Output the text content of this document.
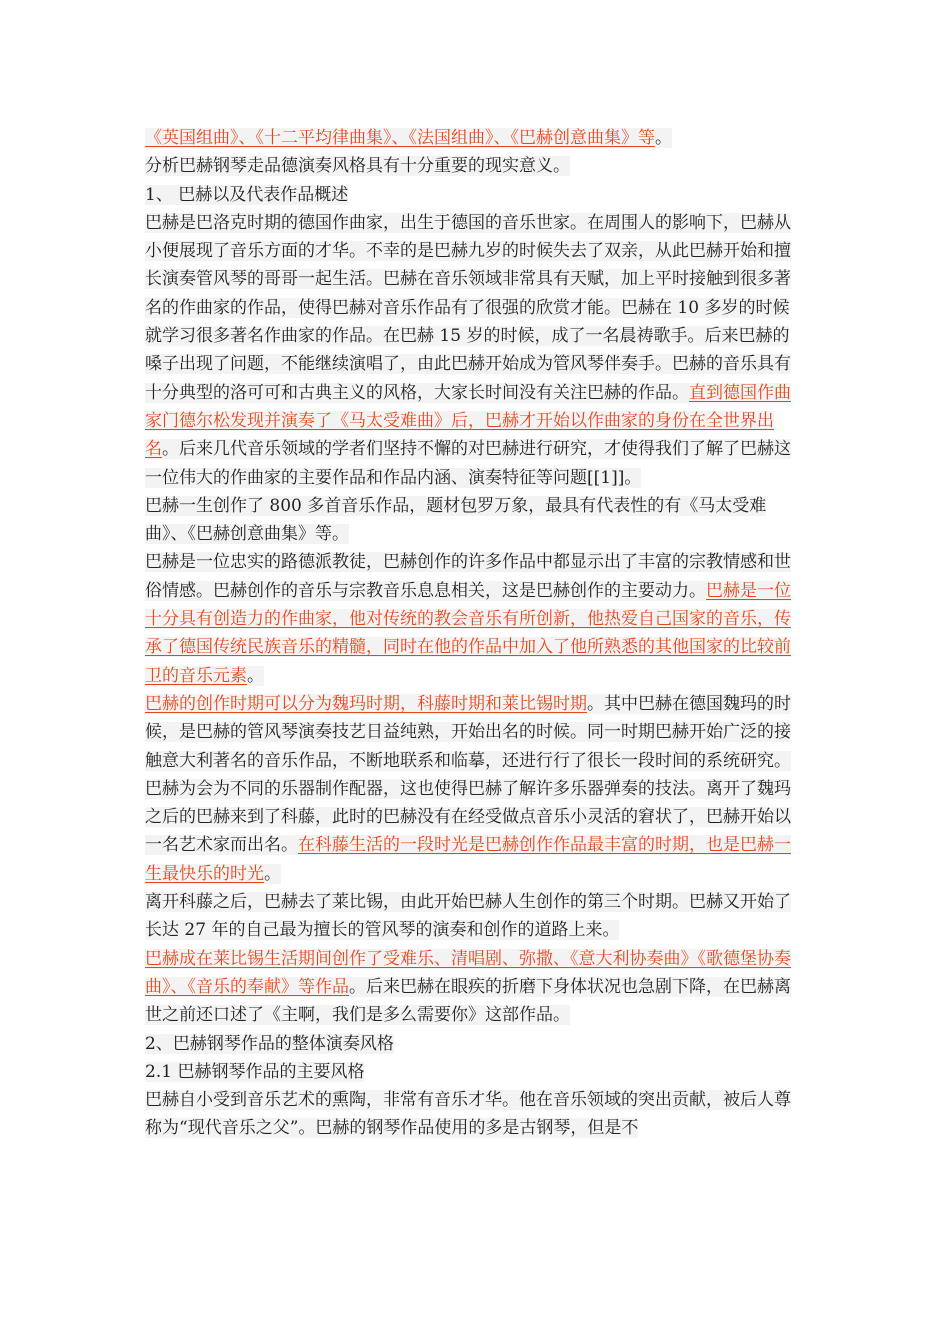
《英国组曲》、《十二平均律曲集》、《法国组曲》、《巴赫创意曲集》等。

分析巴赫钢琴走品德演奏风格具有十分重要的现实意义。

1、 巴赫以及代表作品概述

巴赫是巴洛克时期的德国作曲家，出生于德国的音乐世家。在周围人的影响下，巴赫从小便展现了音乐方面的才华。不幸的是巴赫九岁的时候失去了双亲，从此巴赫开始和擅长演奏管风琴的哥哥一起生活。巴赫在音乐领域非常具有天赋，加上平时接触到很多著名的作曲家的作品，使得巴赫对音乐作品有了很强的欣赏才能。巴赫在 10 多岁的时候就学习很多著名作曲家的作品。在巴赫 15 岁的时候，成了一名晨祷歌手。后来巴赫的嗓子出现了问题，不能继续演唱了，由此巴赫开始成为管风琴伴奏手。巴赫的音乐具有十分典型的洛可可和古典主义的风格，大家长时间没有关注巴赫的作品。直到德国作曲家门德尔松发现并演奏了《马太受难曲》后，巴赫才开始以作曲家的身份在全世界出名。后来几代音乐领域的学者们坚持不懈的对巴赫进行研究，才使得我们了解了巴赫这一位伟大的作曲家的主要作品和作品内涵、演奏特征等问题[[1]]。

巴赫一生创作了 800 多首音乐作品，题材包罗万象，最具有代表性的有《马太受难曲》、《巴赫创意曲集》等。

巴赫是一位忠实的路德派教徒，巴赫创作的许多作品中都显示出了丰富的宗教情感和世俗情感。巴赫创作的音乐与宗教音乐息息相关，这是巴赫创作的主要动力。巴赫是一位十分具有创造力的作曲家，他对传统的教会音乐有所创新，他热爱自己国家的音乐，传承了德国传统民族音乐的精髓，同时在他的作品中加入了他所熟悉的其他国家的比较前卫的音乐元素。

巴赫的创作时期可以分为魏玛时期，科藤时期和莱比锡时期。其中巴赫在德国魏玛的时候，是巴赫的管风琴演奏技艺日益纯熟，开始出名的时候。同一时期巴赫开始广泛的接触意大利著名的音乐作品，不断地联系和临摹，还进行行了很长一段时间的系统研究。巴赫为会为不同的乐器制作配器，这也使得巴赫了解许多乐器弹奏的技法。离开了魏玛之后的巴赫来到了科藤，此时的巴赫没有在经受做点音乐小灵活的窘状了，巴赫开始以一名艺术家而出名。在科藤生活的一段时光是巴赫创作作品最丰富的时期，也是巴赫一生最快乐的时光。

离开科藤之后，巴赫去了莱比锡，由此开始巴赫人生创作的第三个时期。巴赫又开始了长达 27 年的自己最为擅长的管风琴的演奏和创作的道路上来。

巴赫成在莱比锡生活期间创作了受难乐、清唱剧、弥撒、《意大利协奏曲》《歌德堡协奏曲》、《音乐的奉献》等作品。后来巴赫在眼疾的折磨下身体状况也急剧下降，在巴赫离世之前还口述了《主啊，我们是多么需要你》这部作品。

2、巴赫钢琴作品的整体演奏风格

2.1 巴赫钢琴作品的主要风格

巴赫自小受到音乐艺术的熏陶，非常有音乐才华。他在音乐领域的突出贡献，被后人尊称为“现代音乐之父”。巴赫的钢琴作品使用的多是古钢琴，但是不
